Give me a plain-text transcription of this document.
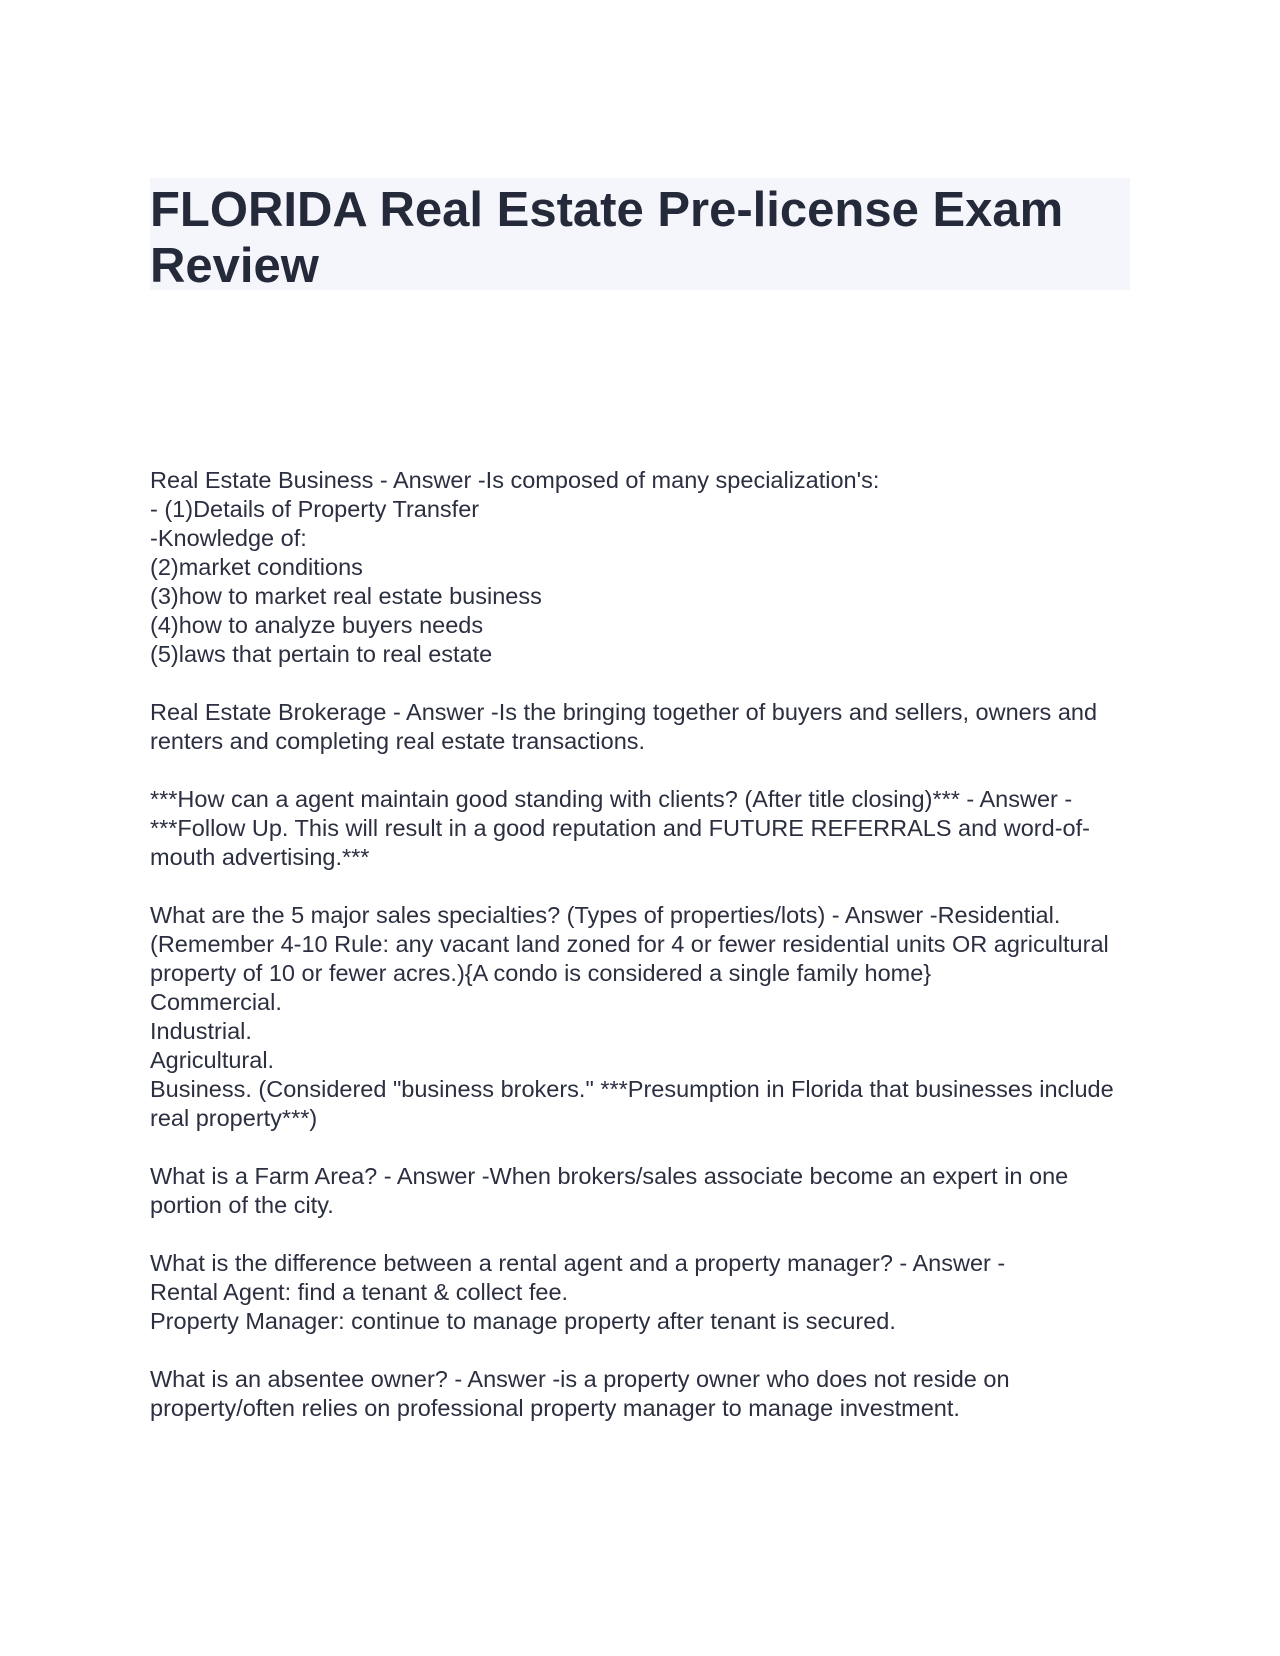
FLORIDA Real Estate Pre-license Exam Review
Real Estate Business - Answer -Is composed of many specialization's:
- (1)Details of Property Transfer
-Knowledge of:
(2)market conditions
(3)how to market real estate business
(4)how to analyze buyers needs
(5)laws that pertain to real estate
Real Estate Brokerage - Answer -Is the bringing together of buyers and sellers, owners and renters and completing real estate transactions.
***How can a agent maintain good standing with clients? (After title closing)*** - Answer -***Follow Up. This will result in a good reputation and FUTURE REFERRALS and word-of-mouth advertising.***
What are the 5 major sales specialties? (Types of properties/lots) - Answer -Residential. (Remember 4-10 Rule: any vacant land zoned for 4 or fewer residential units OR agricultural property of 10 or fewer acres.){A condo is considered a single family home}
Commercial.
Industrial.
Agricultural.
Business. (Considered "business brokers." ***Presumption in Florida that businesses include real property***)
What is a Farm Area? - Answer -When brokers/sales associate become an expert in one portion of the city.
What is the difference between a rental agent and a property manager? - Answer -
Rental Agent: find a tenant & collect fee.
Property Manager: continue to manage property after tenant is secured.
What is an absentee owner? - Answer -is a property owner who does not reside on property/often relies on professional property manager to manage investment.
